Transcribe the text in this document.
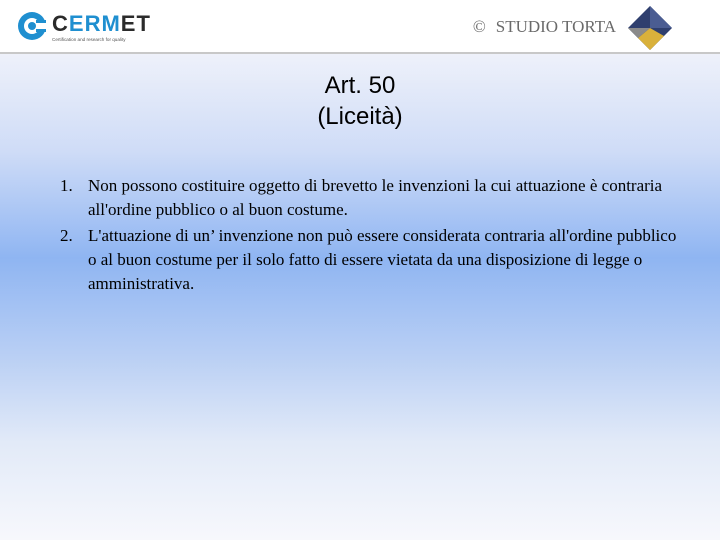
CERMET
Certification and research for quality
© STUDIO TORTA
Art. 50
(Liceità)
1. Non possono costituire oggetto di brevetto le invenzioni la cui attuazione è contraria all'ordine pubblico o al buon costume.
2. L'attuazione di un’ invenzione non può essere considerata contraria all'ordine pubblico o al buon costume per il solo fatto di essere vietata da una disposizione di legge o amministrativa.
